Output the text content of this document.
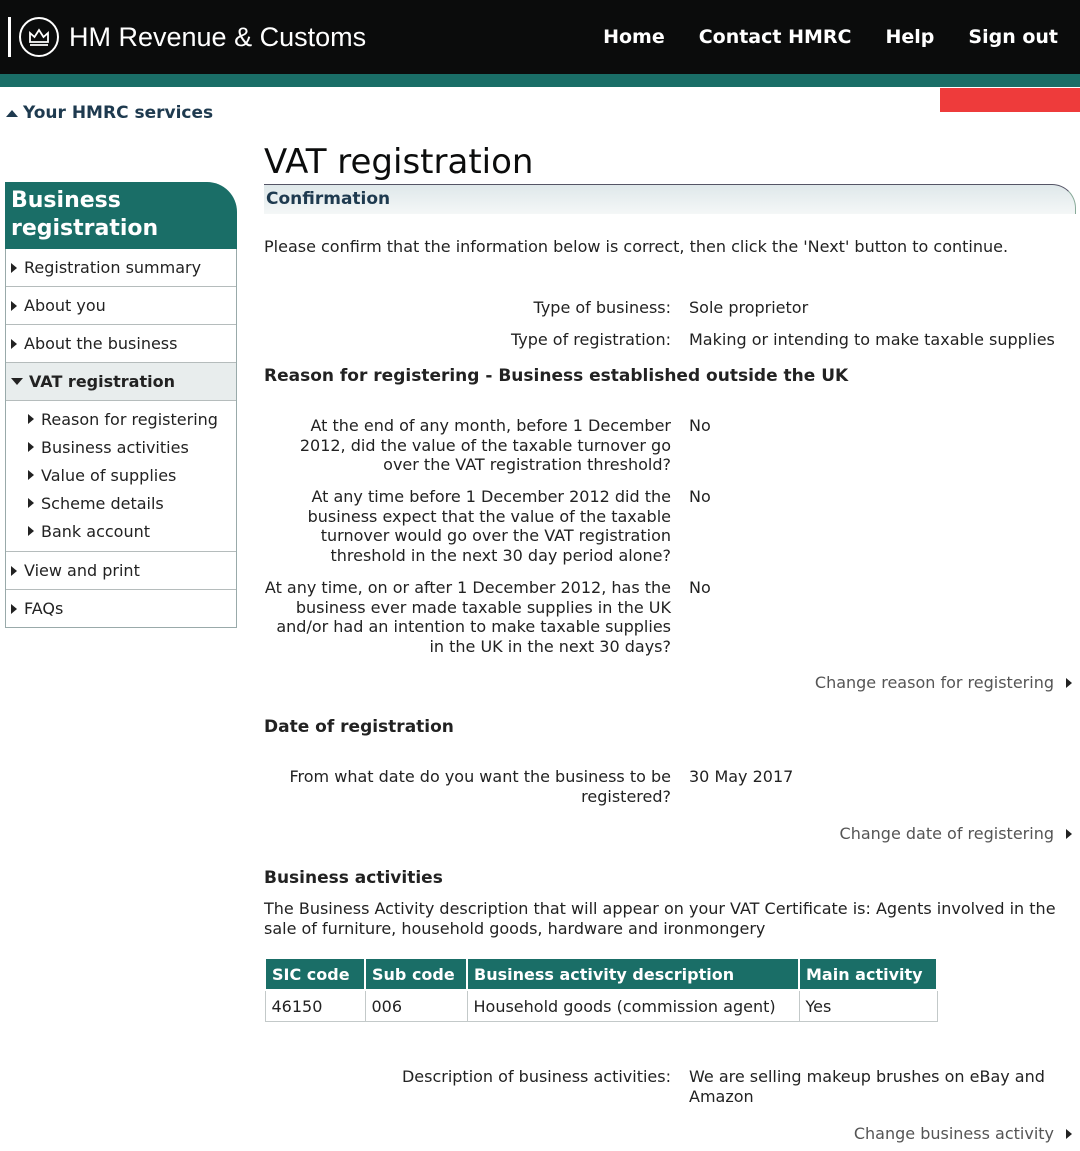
HM Revenue & Customs	Home Contact HMRC Help Sign out
Your HMRC services
Business registration
Registration summary
About you
About the business
VAT registration
Reason for registering
Business activities
Value of supplies
Scheme details
Bank account
View and print
FAQs
VAT registration
Confirmation
Please confirm that the information below is correct, then click the 'Next' button to continue.
Type of business: Sole proprietor
Type of registration: Making or intending to make taxable supplies
Reason for registering - Business established outside the UK
At the end of any month, before 1 December 2012, did the value of the taxable turnover go over the VAT registration threshold?
No
At any time before 1 December 2012 did the business expect that the value of the taxable turnover would go over the VAT registration threshold in the next 30 day period alone?
No
At any time, on or after 1 December 2012, has the business ever made taxable supplies in the UK and/or had an intention to make taxable supplies in the UK in the next 30 days?
No
Change reason for registering
Date of registration
From what date do you want the business to be registered?
30 May 2017
Change date of registering
Business activities
The Business Activity description that will appear on your VAT Certificate is: Agents involved in the sale of furniture, household goods, hardware and ironmongery
SIC code	Sub code	Business activity description	Main activity
46150	006	Household goods (commission agent)	Yes
Description of business activities: We are selling makeup brushes on eBay and Amazon
Change business activity
